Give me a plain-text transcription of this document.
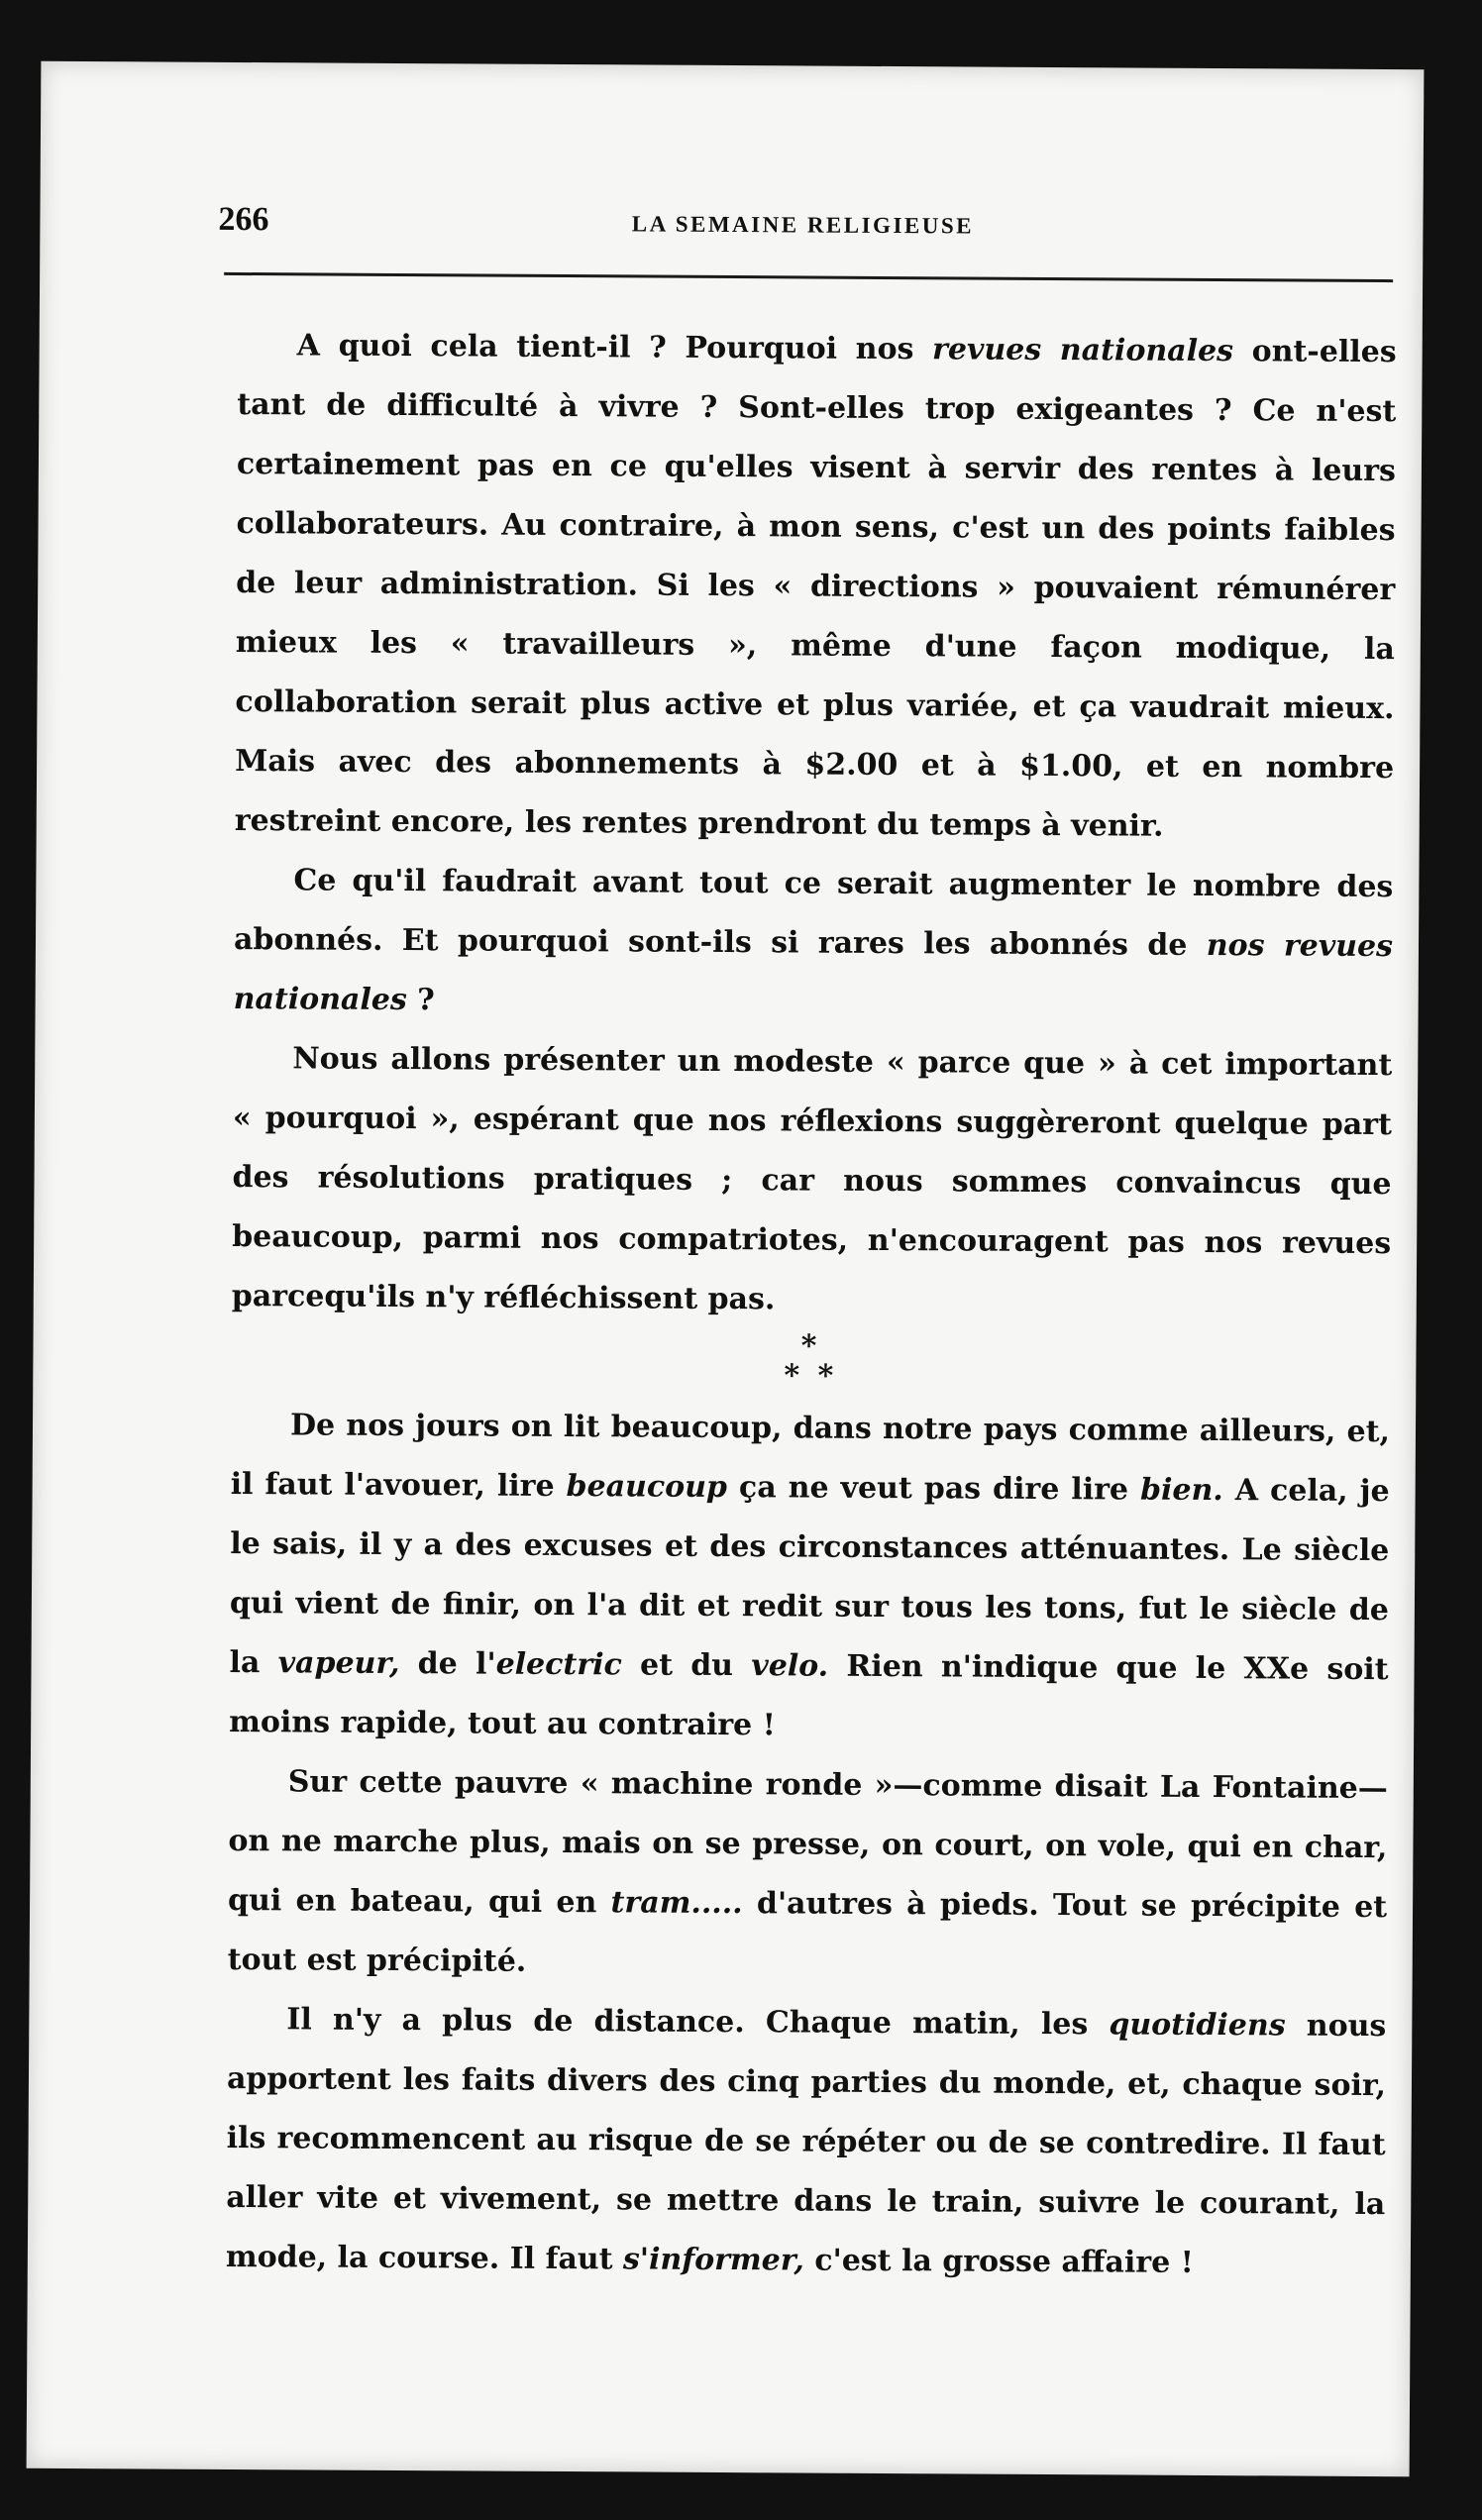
266	LA SEMAINE RELIGIEUSE

A quoi cela tient-il ? Pourquoi nos revues nationales ont-elles tant de difficulté à vivre ? Sont-elles trop exigeantes ? Ce n'est certainement pas en ce qu'elles visent à servir des rentes à leurs collaborateurs. Au contraire, à mon sens, c'est un des points faibles de leur administration. Si les « directions » pouvaient rémunérer mieux les « travailleurs », même d'une façon modique, la collaboration serait plus active et plus variée, et ça vaudrait mieux. Mais avec des abonnements à $2.00 et à $1.00, et en nombre restreint encore, les rentes prendront du temps à venir.

Ce qu'il faudrait avant tout ce serait augmenter le nombre des abonnés. Et pourquoi sont-ils si rares les abonnés de nos revues nationales ?

Nous allons présenter un modeste « parce que » à cet important « pourquoi », espérant que nos réflexions suggèreront quelque part des résolutions pratiques ; car nous sommes convaincus que beaucoup, parmi nos compatriotes, n'encouragent pas nos revues parcequ'ils n'y réfléchissent pas.

*
* *

De nos jours on lit beaucoup, dans notre pays comme ailleurs, et, il faut l'avouer, lire beaucoup ça ne veut pas dire lire bien. A cela, je le sais, il y a des excuses et des circonstances atténuantes. Le siècle qui vient de finir, on l'a dit et redit sur tous les tons, fut le siècle de la vapeur, de l'electric et du velo. Rien n'indique que le XXe soit moins rapide, tout au contraire !

Sur cette pauvre « machine ronde »—comme disait La Fontaine—on ne marche plus, mais on se presse, on court, on vole, qui en char, qui en bateau, qui en tram..... d'autres à pieds. Tout se précipite et tout est précipité.

Il n'y a plus de distance. Chaque matin, les quotidiens nous apportent les faits divers des cinq parties du monde, et, chaque soir, ils recommencent au risque de se répéter ou de se contredire. Il faut aller vite et vivement, se mettre dans le train, suivre le courant, la mode, la course. Il faut s'informer, c'est la grosse affaire !
